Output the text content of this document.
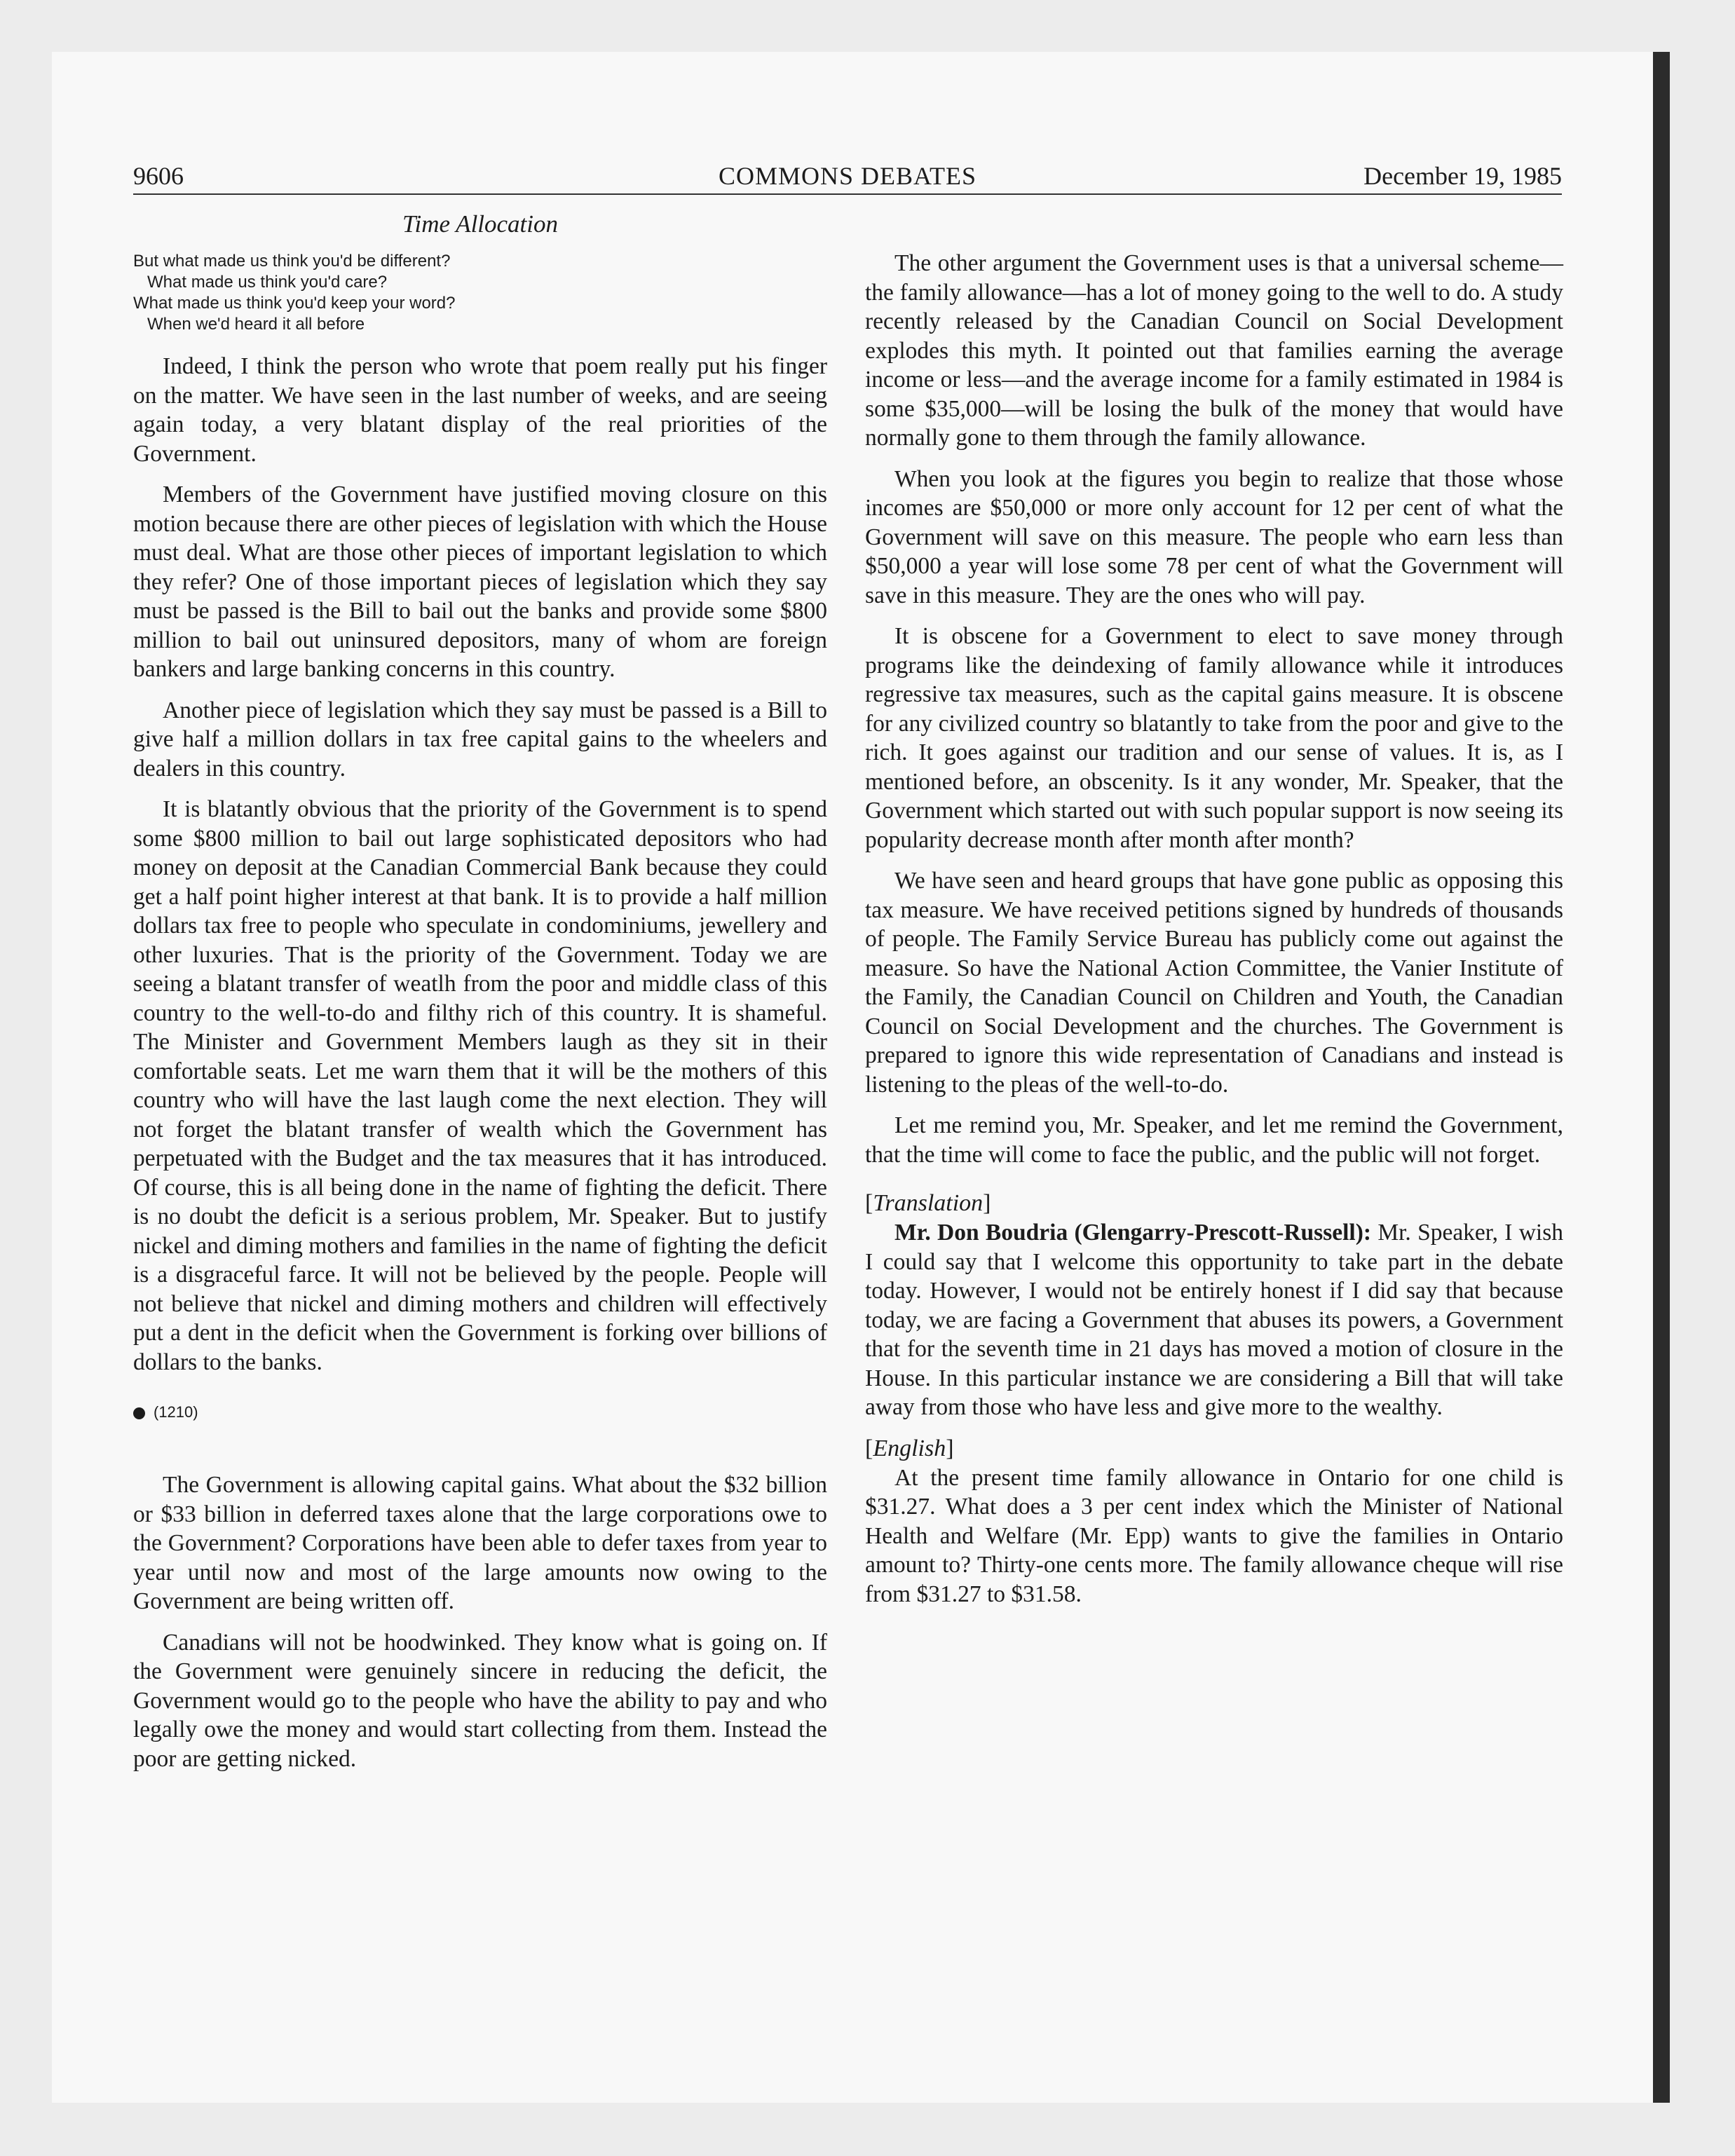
COMMONS DEBATES
9606	December 19, 1985
Time Allocation
But what made us think you'd be different?
What made us think you'd care?
What made us think you'd keep your word?
When we'd heard it all before

Indeed, I think the person who wrote that poem really put his finger on the matter. We have seen in the last number of weeks, and are seeing again today, a very blatant display of the real priorities of the Government.

Members of the Government have justified moving closure on this motion because there are other pieces of legislation with which the House must deal. What are those other pieces of important legislation to which they refer? One of those important pieces of legislation which they say must be passed is the Bill to bail out the banks and provide some $800 million to bail out uninsured depositors, many of whom are foreign bankers and large banking concerns in this country.

Another piece of legislation which they say must be passed is a Bill to give half a million dollars in tax free capital gains to the wheelers and dealers in this country.

It is blatantly obvious that the priority of the Government is to spend some $800 million to bail out large sophisticated depositors who had money on deposit at the Canadian Commercial Bank because they could get a half point higher interest at that bank. It is to provide a half million dollars tax free to people who speculate in condominiums, jewellery and other luxuries. That is the priority of the Government. Today we are seeing a blatant transfer of weatlh from the poor and middle class of this country to the well-to-do and filthy rich of this country. It is shameful. The Minister and Government Members laugh as they sit in their comfortable seats. Let me warn them that it will be the mothers of this country who will have the last laugh come the next election. They will not forget the blatant transfer of wealth which the Government has perpetuated with the Budget and the tax measures that it has introduced. Of course, this is all being done in the name of fighting the deficit. There is no doubt the deficit is a serious problem, Mr. Speaker. But to justify nickel and diming mothers and families in the name of fighting the deficit is a disgraceful farce. It will not be believed by the people. People will not believe that nickel and diming mothers and children will effectively put a dent in the deficit when the Government is forking over billions of dollars to the banks.

(1210)

The Government is allowing capital gains. What about the $32 billion or $33 billion in deferred taxes alone that the large corporations owe to the Government? Corporations have been able to defer taxes from year to year until now and most of the large amounts now owing to the Government are being written off.

Canadians will not be hoodwinked. They know what is going on. If the Government were genuinely sincere in reducing the deficit, the Government would go to the people who have the ability to pay and who legally owe the money and would start collecting from them. Instead the poor are getting nicked.

The other argument the Government uses is that a universal scheme—the family allowance—has a lot of money going to the well to do. A study recently released by the Canadian Council on Social Development explodes this myth. It pointed out that families earning the average income or less—and the average income for a family estimated in 1984 is some $35,000—will be losing the bulk of the money that would have normally gone to them through the family allowance.

When you look at the figures you begin to realize that those whose incomes are $50,000 or more only account for 12 per cent of what the Government will save on this measure. The people who earn less than $50,000 a year will lose some 78 per cent of what the Government will save in this measure. They are the ones who will pay.

It is obscene for a Government to elect to save money through programs like the deindexing of family allowance while it introduces regressive tax measures, such as the capital gains measure. It is obscene for any civilized country so blatantly to take from the poor and give to the rich. It goes against our tradition and our sense of values. It is, as I mentioned before, an obscenity. Is it any wonder, Mr. Speaker, that the Government which started out with such popular support is now seeing its popularity decrease month after month after month?

We have seen and heard groups that have gone public as opposing this tax measure. We have received petitions signed by hundreds of thousands of people. The Family Service Bureau has publicly come out against the measure. So have the National Action Committee, the Vanier Institute of the Family, the Canadian Council on Children and Youth, the Canadian Council on Social Development and the churches. The Government is prepared to ignore this wide representation of Canadians and instead is listening to the pleas of the well-to-do.

Let me remind you, Mr. Speaker, and let me remind the Government, that the time will come to face the public, and the public will not forget.

[Translation]

Mr. Don Boudria (Glengarry-Prescott-Russell): Mr. Speaker, I wish I could say that I welcome this opportunity to take part in the debate today. However, I would not be entirely honest if I did say that because today, we are facing a Government that abuses its powers, a Government that for the seventh time in 21 days has moved a motion of closure in the House. In this particular instance we are considering a Bill that will take away from those who have less and give more to the wealthy.

[English]

At the present time family allowance in Ontario for one child is $31.27. What does a 3 per cent index which the Minister of National Health and Welfare (Mr. Epp) wants to give the families in Ontario amount to? Thirty-one cents more. The family allowance cheque will rise from $31.27 to $31.58.
